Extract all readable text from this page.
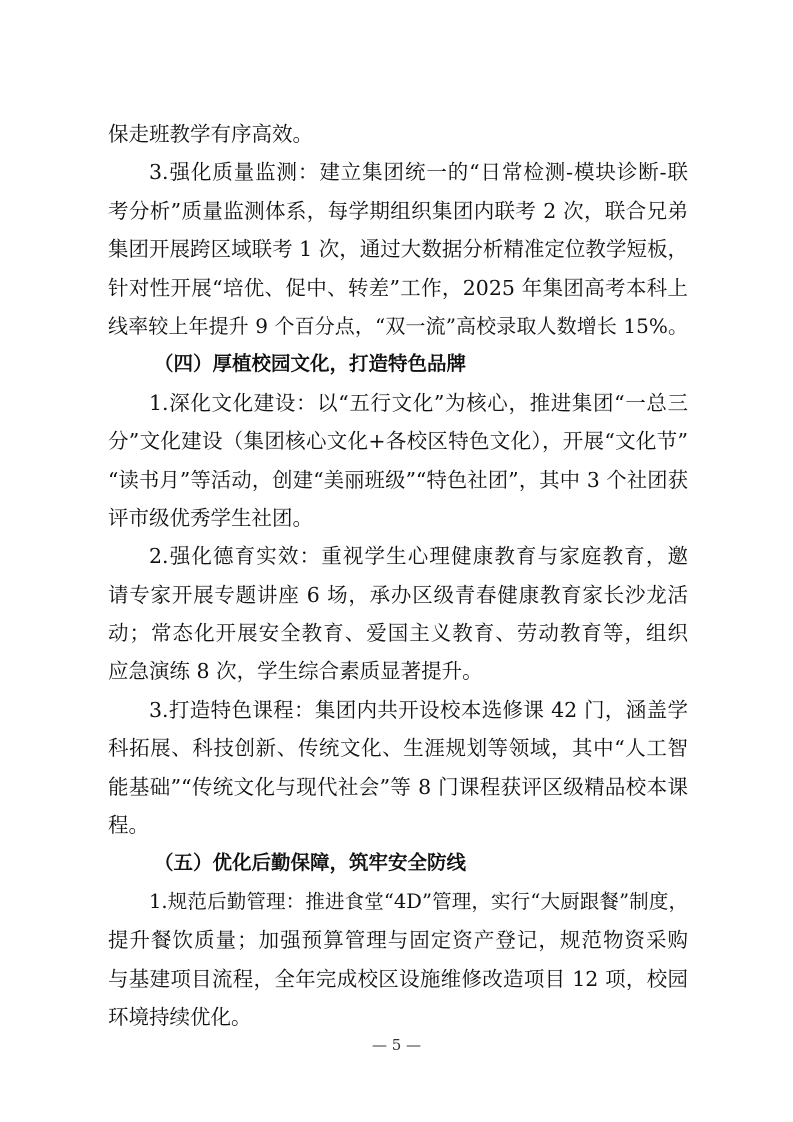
保走班教学有序高效。
3.强化质量监测：建立集团统一的“日常检测-模块诊断-联
考分析”质量监测体系，每学期组织集团内联考 2 次，联合兄弟
集团开展跨区域联考 1 次，通过大数据分析精准定位教学短板，
针对性开展“培优、促中、转差”工作，2025 年集团高考本科上
线率较上年提升 9 个百分点，“双一流”高校录取人数增长 15%。
（四）厚植校园文化，打造特色品牌
1.深化文化建设：以“五行文化”为核心，推进集团“一总三
分”文化建设（集团核心文化+各校区特色文化），开展“文化节”
“读书月”等活动，创建“美丽班级”“特色社团”，其中 3 个社团获
评市级优秀学生社团。
2.强化德育实效：重视学生心理健康教育与家庭教育，邀
请专家开展专题讲座 6 场，承办区级青春健康教育家长沙龙活
动；常态化开展安全教育、爱国主义教育、劳动教育等，组织
应急演练 8 次，学生综合素质显著提升。
3.打造特色课程：集团内共开设校本选修课 42 门，涵盖学
科拓展、科技创新、传统文化、生涯规划等领域，其中“人工智
能基础”“传统文化与现代社会”等 8 门课程获评区级精品校本课
程。
（五）优化后勤保障，筑牢安全防线
1.规范后勤管理：推进食堂“4D”管理，实行“大厨跟餐”制度，
提升餐饮质量；加强预算管理与固定资产登记，规范物资采购
与基建项目流程，全年完成校区设施维修改造项目 12 项，校园
环境持续优化。
— 5 —
